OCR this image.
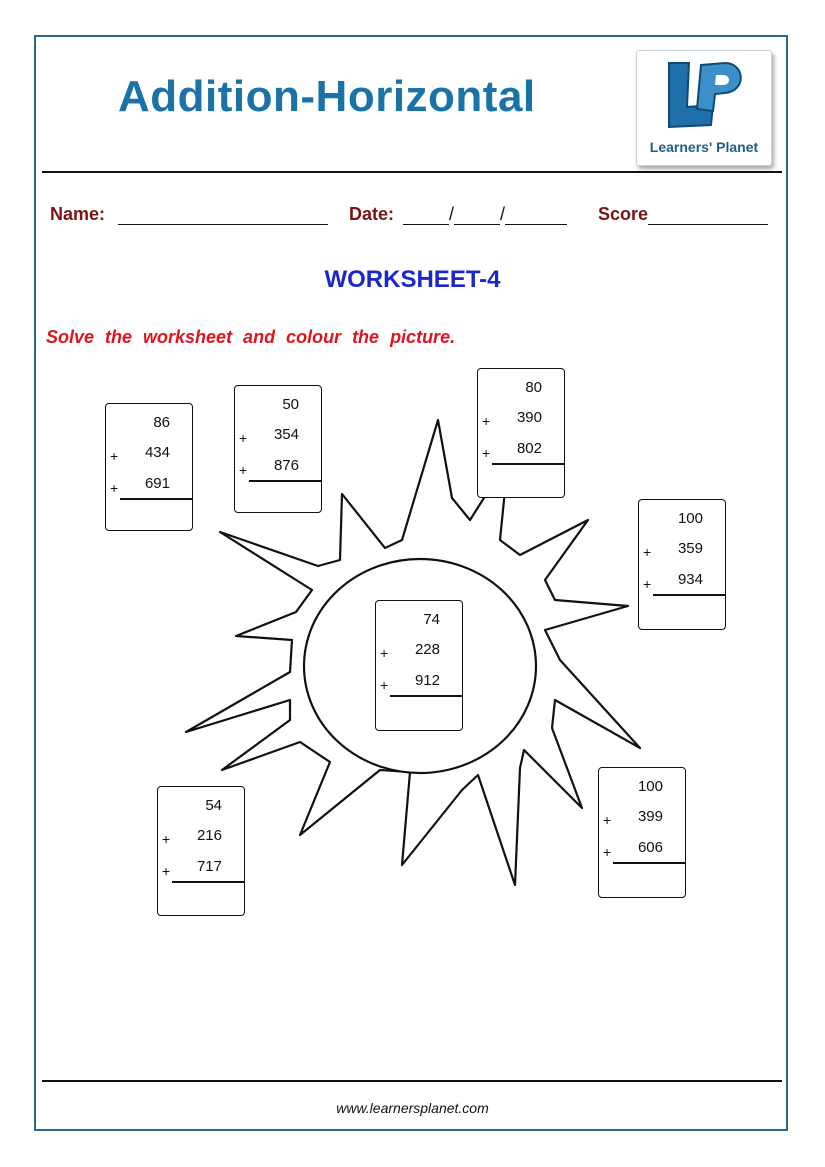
Addition-Horizontal
Learners' Planet
Name:	Date:	/	/	Score
WORKSHEET-4
Solve the worksheet and colour the picture.
86
+ 434
+ 691
50
+ 354
+ 876
80
+ 390
+ 802
100
+ 359
+ 934
74
+ 228
+ 912
54
+ 216
+ 717
100
+ 399
+ 606
www.learnersplanet.com
